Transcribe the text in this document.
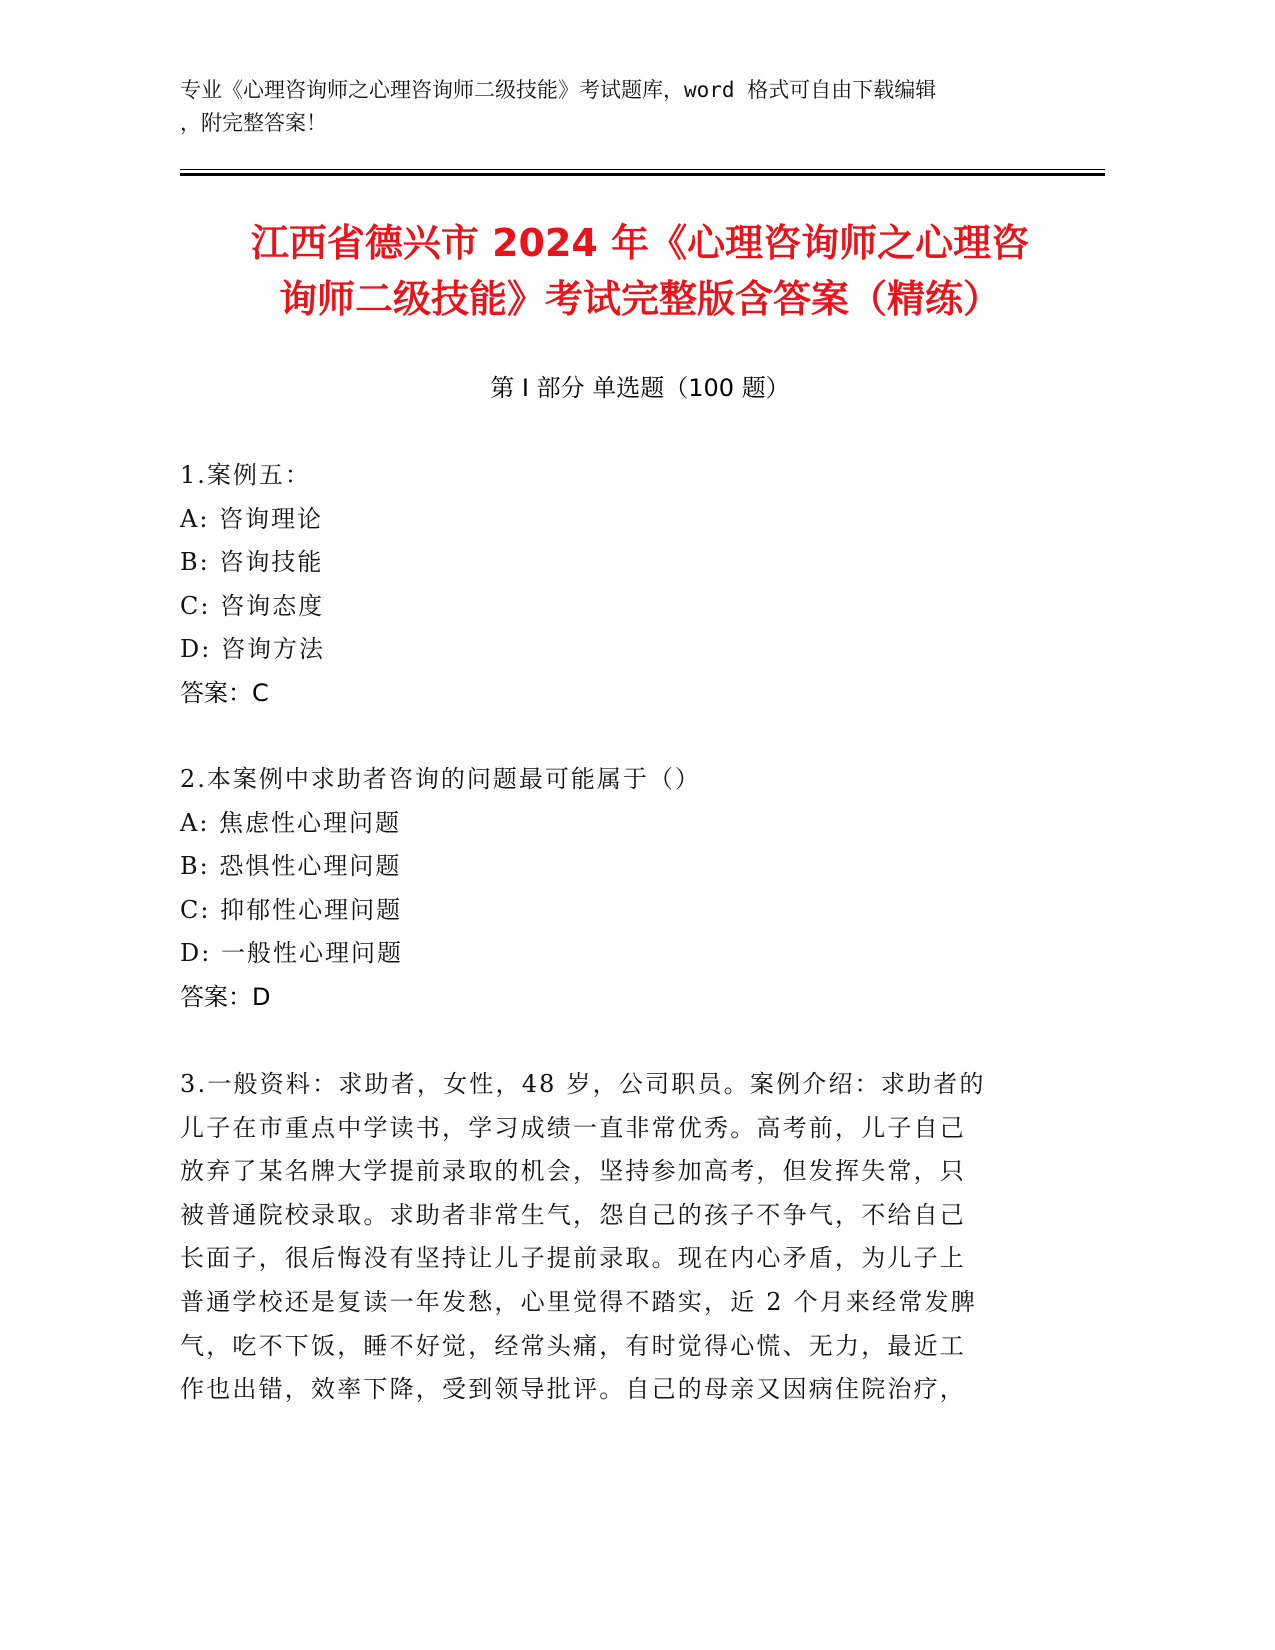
专业《心理咨询师之心理咨询师二级技能》考试题库，word 格式可自由下载编辑
，附完整答案！
江西省德兴市 2024 年《心理咨询师之心理咨
询师二级技能》考试完整版含答案（精练）
第 I 部分 单选题（100 题）
1.案例五：
A: 咨询理论
B: 咨询技能
C: 咨询态度
D: 咨询方法
答案：C
2.本案例中求助者咨询的问题最可能属于（）
A: 焦虑性心理问题
B: 恐惧性心理问题
C: 抑郁性心理问题
D: 一般性心理问题
答案：D
3.一般资料：求助者，女性，48 岁，公司职员。案例介绍：求助者的
儿子在市重点中学读书，学习成绩一直非常优秀。高考前，儿子自己
放弃了某名牌大学提前录取的机会，坚持参加高考，但发挥失常，只
被普通院校录取。求助者非常生气，怨自己的孩子不争气，不给自己
长面子，很后悔没有坚持让儿子提前录取。现在内心矛盾，为儿子上
普通学校还是复读一年发愁，心里觉得不踏实，近 2 个月来经常发脾
气，吃不下饭，睡不好觉，经常头痛，有时觉得心慌、无力，最近工
作也出错，效率下降，受到领导批评。自己的母亲又因病住院治疗，
